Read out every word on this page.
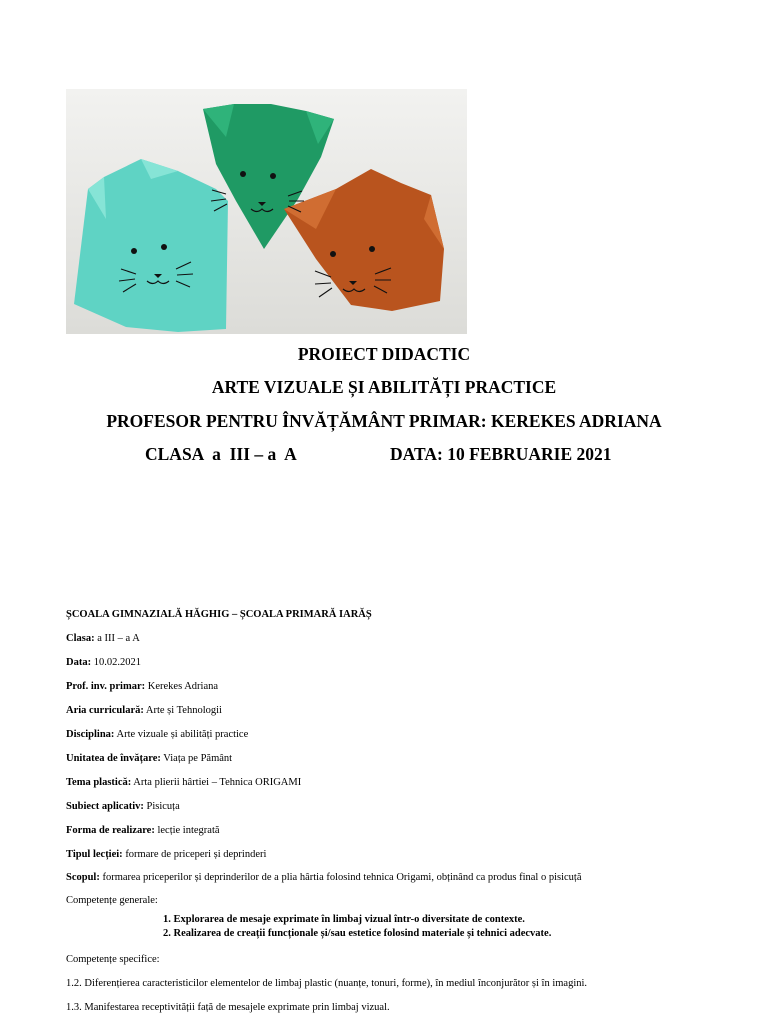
PROIECT DIDACTIC
ARTE VIZUALE ȘI ABILITĂȚI PRACTICE
PROFESOR PENTRU ÎNVĂȚĂMÂNT PRIMAR: KEREKES ADRIANA
CLASA  a  III – a  A	DATA: 10 FEBRUARIE 2021
ȘCOALA GIMNAZIALĂ HĂGHIG – ȘCOALA PRIMARĂ IARĂȘ
Clasa: a III – a A
Data: 10.02.2021
Prof. inv. primar: Kerekes Adriana
Aria curriculară: Arte și Tehnologii
Disciplina: Arte vizuale și abilități practice
Unitatea de învățare: Viața pe Pământ
Tema plastică: Arta plierii hârtiei – Tehnica ORIGAMI
Subiect aplicativ: Pisicuța
Forma de realizare: lecție integrată
Tipul lecției: formare de priceperi și deprinderi
Scopul: formarea priceperilor și deprinderilor de a plia hârtia folosind tehnica Origami, obținând ca produs final o pisicuță
Competențe generale:
1. Explorarea de mesaje exprimate în limbaj vizual într-o diversitate de contexte.
2. Realizarea de creații funcționale și/sau estetice folosind materiale și tehnici adecvate.
Competențe specifice:
1.2. Diferențierea caracteristicilor elementelor de limbaj plastic (nuanțe, tonuri, forme), în mediul înconjurător și în imagini.
1.3. Manifestarea receptivității față de mesajele exprimate prin limbaj vizual.
